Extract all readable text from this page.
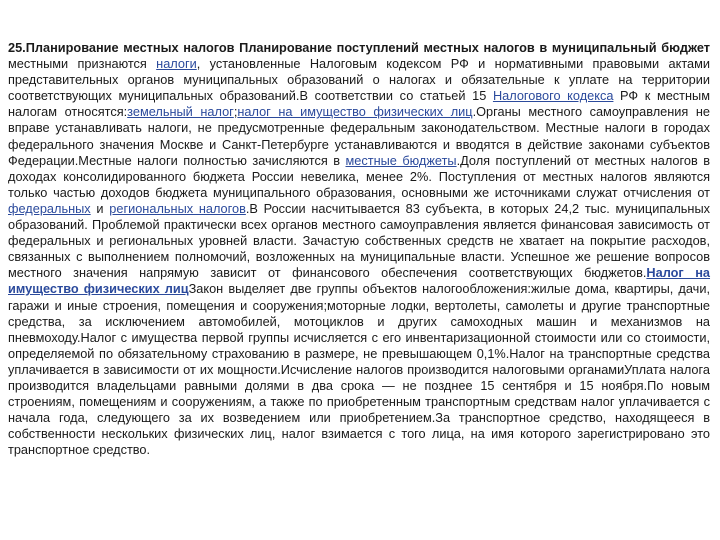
25.Планирование местных налогов Планирование поступлений местных налогов в муниципальный бюджет местными признаются налоги, установленные Налоговым кодексом РФ и нормативными правовыми актами представительных органов муниципальных образований о налогах и обязательные к уплате на территории соответствующих муниципальных образований.В соответствии со статьей 15 Налогового кодекса РФ к местным налогам относятся:земельный налог;налог на имущество физических лиц.Органы местного самоуправления не вправе устанавливать налоги, не предусмотренные федеральным законодательством. Местные налоги в городах федерального значения Москве и Санкт-Петербурге устанавливаются и вводятся в действие законами субъектов Федерации.Местные налоги полностью зачисляются в местные бюджеты.Доля поступлений от местных налогов в доходах консолидированного бюджета России невелика, менее 2%. Поступления от местных налогов являются только частью доходов бюджета муниципального образования, основными же источниками служат отчисления от федеральных и региональных налогов.В России насчитывается 83 субъекта, в которых 24,2 тыс. муниципальных образований. Проблемой практически всех органов местного самоуправления является финансовая зависимость от федеральных и региональных уровней власти. Зачастую собственных средств не хватает на покрытие расходов, связанных с выполнением полномочий, возложенных на муниципальные власти. Успешное же решение вопросов местного значения напрямую зависит от финансового обеспечения соответствующих бюджетов.Налог на имущество физических лицЗакон выделяет две группы объектов налогообложения:жилые дома, квартиры, дачи, гаражи и иные строения, помещения и сооружения;моторные лодки, вертолеты, самолеты и другие транспортные средства, за исключением автомобилей, мотоциклов и других самоходных машин и механизмов на пневмоходу.Налог с имущества первой группы исчисляется с его инвентаризационной стоимости или со стоимости, определяемой по обязательному страхованию в размере, не превышающем 0,1%.Налог на транспортные средства уплачивается в зависимости от их мощности.Исчисление налогов производится налоговыми органамиУплата налога производится владельцами равными долями в два срока — не позднее 15 сентября и 15 ноября.По новым строениям, помещениям и сооружениям, а также по приобретенным транспортным средствам налог уплачивается с начала года, следующего за их возведением или приобретением.За транспортное средство, находящееся в собственности нескольких физических лиц, налог взимается с того лица, на имя которого зарегистрировано это транспортное средство.
